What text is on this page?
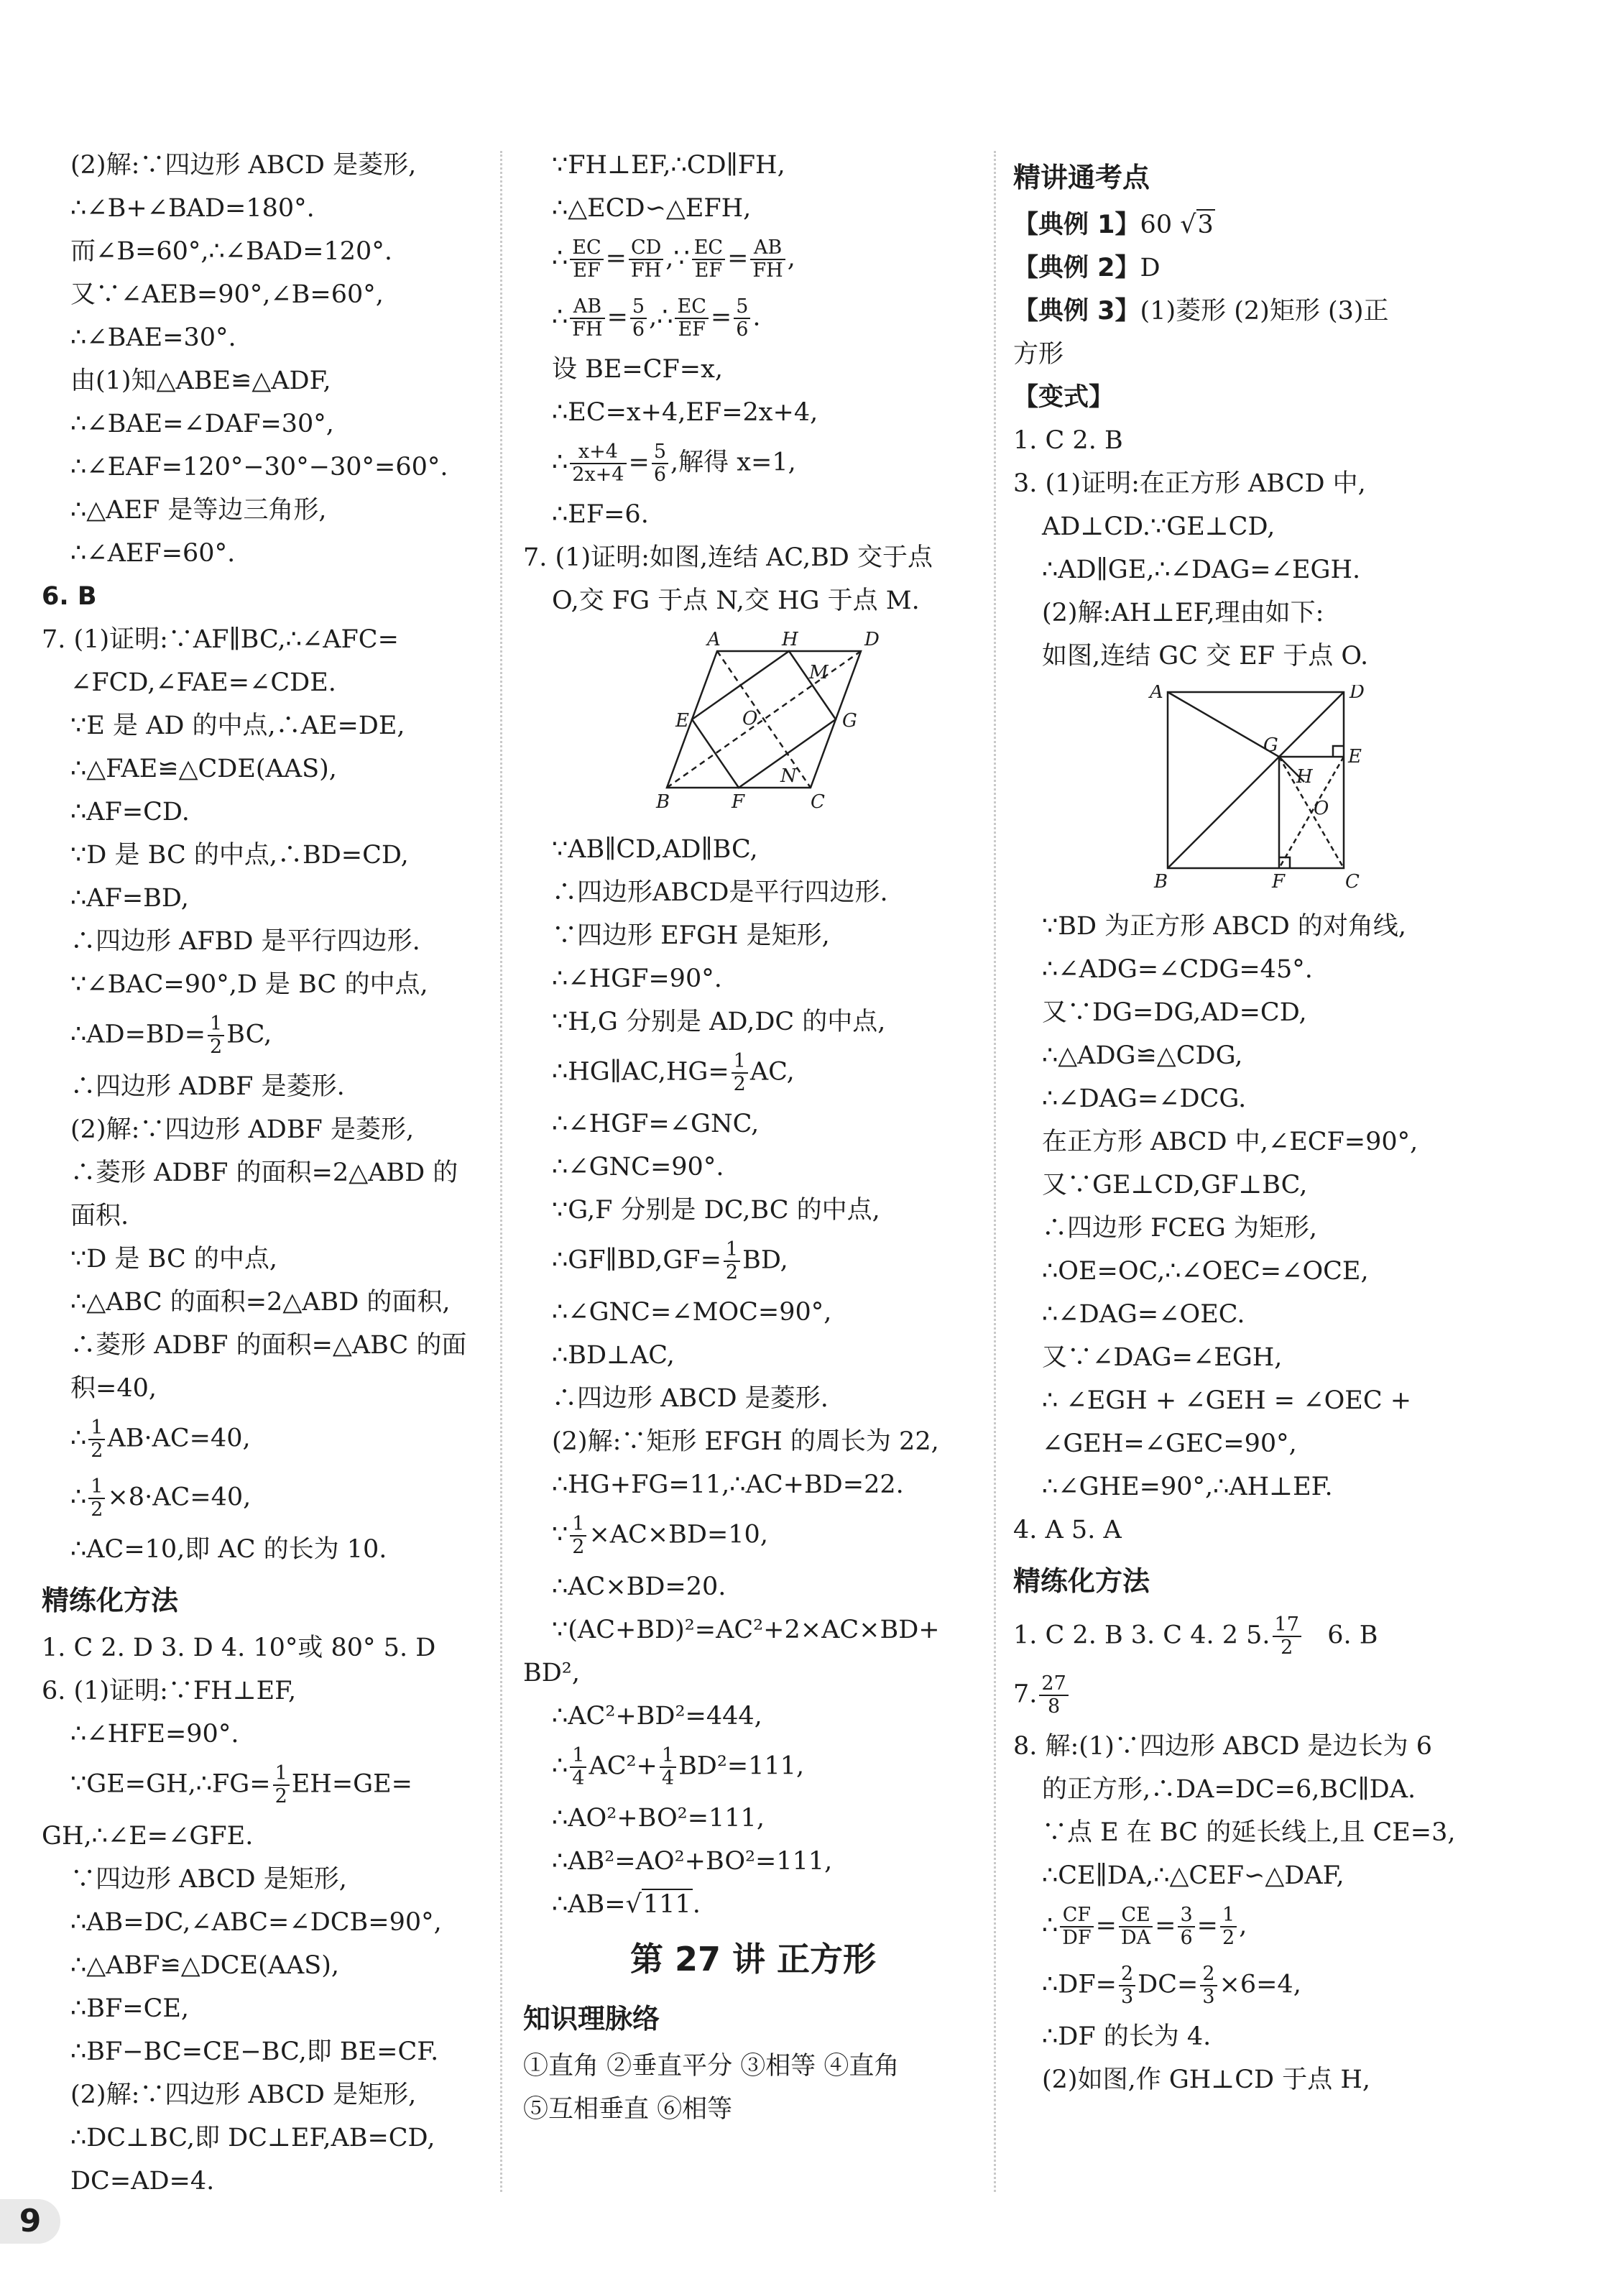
(2)解:∵四边形 ABCD 是菱形,
∴∠B+∠BAD=180°.
而∠B=60°,∴∠BAD=120°.
又∵∠AEB=90°,∠B=60°,
∴∠BAE=30°.
由(1)知△ABE≌△ADF,
∴∠BAE=∠DAF=30°,
∴∠EAF=120°−30°−30°=60°.
∴△AEF 是等边三角形,
∴∠AEF=60°.
6. B
7. (1)证明:∵AF∥BC,∴∠AFC=
∠FCD,∠FAE=∠CDE.
∵E 是 AD 的中点,∴AE=DE,
∴△FAE≌△CDE(AAS),
∴AF=CD.
∵D 是 BC 的中点,∴BD=CD,
∴AF=BD,
∴四边形 AFBD 是平行四边形.
∵∠BAC=90°,D 是 BC 的中点,
∴AD=BD= $\frac{1}{2}$ BC,
∴四边形 ADBF 是菱形.
(2)解:∵四边形 ADBF 是菱形,
∴菱形 ADBF 的面积=2△ABD 的
面积.
∵D 是 BC 的中点,
∴△ABC 的面积=2△ABD 的面积,
∴菱形 ADBF 的面积=△ABC 的面
积=40,
∴ $\frac{1}{2} AB\cdot AC=40$,
∴ $\frac{1}{2} \times 8\cdot AC=40$,
∴AC=10,即 AC 的长为 10.
精练化方法
1. C 2. D 3. D 4. 10°或 80° 5. D
6. (1)证明:∵FH⊥EF,
∴∠HFE=90°.
∵GE=GH,∴FG= $\frac{1}{2} EH=GE=$
GH,∴∠E=∠GFE.
∵四边形 ABCD 是矩形,
∴AB=DC,∠ABC=∠DCB=90°,
∴△ABF≌△DCE(AAS),
∴BF=CE,
∴BF−BC=CE−BC,即 BE=CF.
(2)解:∵四边形 ABCD 是矩形,
∴DC⊥BC,即 DC⊥EF,AB=CD,
DC=AD=4.
∵FH⊥EF,∴CD∥FH,
∴△ECD∽△EFH,
∴ $\frac{EC}{EF} = \frac{CD}{FH}$ ,∵ $\frac{EC}{EF} = \frac{AB}{FH}$ ,
∴ $\frac{AB}{FH} = \frac{5}{6}$ ,∴ $\frac{EC}{EF} = \frac{5}{6}$ .
设 BE=CF=x,
∴EC=x+4,EF=2x+4,
∴ $\frac{x+4}{2x+4} = \frac{5}{6}$ ,解得 x=1,
∴EF=6.
7. (1)证明:如图,连结 AC,BD 交于点
O,交 FG 于点 N,交 HG 于点 M.
A	H	D
M
E	O	G
B	F
N
C
∵AB∥CD,AD∥BC,
∴四边形ABCD是平行四边形.
∵四边形 EFGH 是矩形,
∴∠HGF=90°.
∵H,G 分别是 AD,DC 的中点,
∴HG∥AC,HG= $\frac{1}{2}$ AC,
∴∠HGF=∠GNC,
∴∠GNC=90°.
∵G,F 分别是 DC,BC 的中点,
∴GF∥BD,GF= $\frac{1}{2}$ BD,
∴∠GNC=∠MOC=90°,
∴BD⊥AC,
∴四边形 ABCD 是菱形.
(2)解:∵矩形 EFGH 的周长为 22,
∴HG+FG=11,∴AC+BD=22.
∵ $\frac{1}{2} \times AC\times BD=10$,
∴AC×BD=20.
∵(AC+BD)²=AC²+2×AC×BD+
BD²,
∴AC²+BD²=444,
∴ $\frac{1}{4} AC^2+ \frac{1}{4} BD^2=111$,
∴AO²+BO²=111,
∴AB²=AO²+BO²=111,
∴AB=√111.
第 27 讲 正方形
知识理脉络
①直角 ②垂直平分 ③相等 ④直角
⑤互相垂直 ⑥相等
精讲通考点
【典例 1】60 √3
【典例 2】D
【典例 3】(1)菱形 (2)矩形 (3)正
方形
【变式】
1. C 2. B
3. (1)证明:在正方形 ABCD 中,
AD⊥CD.∵GE⊥CD,
∴AD∥GE,∴∠DAG=∠EGH.
(2)解:AH⊥EF,理由如下:
如图,连结 GC 交 EF 于点 O.
A	D
G
E
H
O
B	F	C
∵BD 为正方形 ABCD 的对角线,
∴∠ADG=∠CDG=45°.
又∵DG=DG,AD=CD,
∴△ADG≌△CDG,
∴∠DAG=∠DCG.
在正方形 ABCD 中,∠ECF=90°,
又∵GE⊥CD,GF⊥BC,
∴四边形 FCEG 为矩形,
∴OE=OC,∴∠OEC=∠OCE,
∴∠DAG=∠OEC.
又∵∠DAG=∠EGH,
∴ ∠EGH + ∠GEH = ∠OEC +
∠GEH=∠GEC=90°,
∴∠GHE=90°,∴AH⊥EF.
4. A 5. A
精练化方法
1. C 2. B 3. C 4. 2 5. $\frac{17}{2} 6$. B
7. $\frac{27}{8}$
8. 解:(1)∵四边形 ABCD 是边长为 6
的正方形,∴DA=DC=6,BC∥DA.
∵点 E 在 BC 的延长线上,且 CE=3,
∴CE∥DA,∴△CEF∽△DAF,
∴ $\frac{CF}{DF} = \frac{CE}{DA} = \frac{3}{6} = \frac{1}{2}$ ,
∴DF= $\frac{2}{3} DC= \frac{2}{3} \times 6=4$,
∴DF 的长为 4.
(2)如图,作 GH⊥CD 于点 H,
9
